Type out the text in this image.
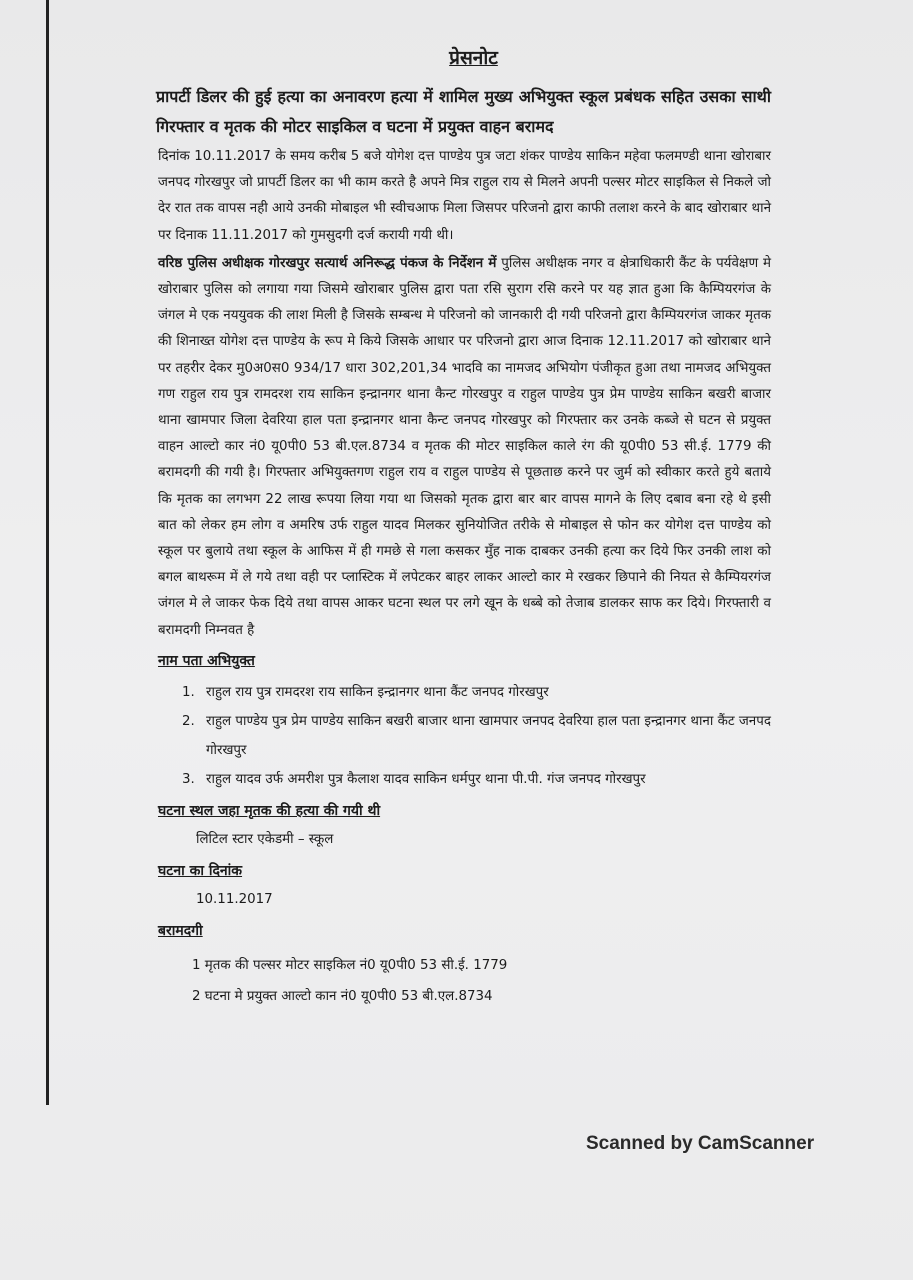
प्रेसनोट

प्रापर्टी डिलर की हुई हत्या का अनावरण हत्या में शामिल मुख्य अभियुक्त स्कूल प्रबंधक सहित उसका साथी गिरफ्तार व मृतक की मोटर साइकिल व घटना में प्रयुक्त वाहन बरामद

दिनांक 10.11.2017 के समय करीब 5 बजे योगेश दत्त पाण्डेय पुत्र जटा शंकर पाण्डेय साकिन महेवा फलमण्डी थाना खोराबार जनपद गोरखपुर जो प्रापर्टी डिलर का भी काम करते है अपने मित्र राहुल राय से मिलने अपनी पल्सर मोटर साइकिल से निकले जो देर रात तक वापस नही आये उनकी मोबाइल भी स्वीचआफ मिला जिसपर परिजनो द्वारा काफी तलाश करने के बाद खोराबार थाने पर दिनाक 11.11.2017 को गुमसुदगी दर्ज करायी गयी थी।

वरिष्ठ पुलिस अधीक्षक गोरखपुर सत्यार्थ अनिरूद्ध पंकज के निर्देशन में पुलिस अधीक्षक नगर व क्षेत्राधिकारी कैंट के पर्यवेक्षण मे खोराबार पुलिस को लगाया गया जिसमे खोराबार पुलिस द्वारा पता रसि सुराग रसि करने पर यह ज्ञात हुआ कि कैम्पियरगंज के जंगल मे एक नययुवक की लाश मिली है जिसके सम्बन्ध मे परिजनो को जानकारी दी गयी परिजनो द्वारा कैम्पियरगंज जाकर मृतक की शिनाख्त योगेश दत्त पाण्डेय के रूप मे किये जिसके आधार पर परिजनो द्वारा आज दिनाक 12.11.2017 को खोराबार थाने पर तहरीर देकर मु0अ0स0 934/17 धारा 302,201,34 भादवि का नामजद अभियोग पंजीकृत हुआ तथा नामजद अभियुक्त गण राहुल राय पुत्र रामदरश राय साकिन इन्द्रानगर थाना कैन्ट गोरखपुर व राहुल पाण्डेय पुत्र प्रेम पाण्डेय साकिन बखरी बाजार थाना खामपार जिला देवरिया हाल पता इन्द्रानगर थाना कैन्ट जनपद गोरखपुर को गिरफ्तार कर उनके कब्जे से घटन से प्रयुक्त वाहन आल्टो कार नं0 यू0पी0 53 बी.एल.8734 व मृतक की मोटर साइकिल काले रंग की यू0पी0 53 सी.ई. 1779 की बरामदगी की गयी है। गिरफ्तार अभियुक्तगण राहुल राय व राहुल पाण्डेय से पूछताछ करने पर जुर्म को स्वीकार करते हुये बताये कि मृतक का लगभग 22 लाख रूपया लिया गया था जिसको मृतक द्वारा बार बार वापस मागने के लिए दबाव बना रहे थे इसी बात को लेकर हम लोग व अमरिष उर्फ राहुल यादव मिलकर सुनियोजित तरीके से मोबाइल से फोन कर योगेश दत्त पाण्डेय को स्कूल पर बुलाये तथा स्कूल के आफिस में ही गमछे से गला कसकर मुँह नाक दाबकर उनकी हत्या कर दिये फिर उनकी लाश को बगल बाथरूम में ले गये तथा वही पर प्लास्टिक में लपेटकर बाहर लाकर आल्टो कार मे रखकर छिपाने की नियत से कैम्पियरगंज जंगल मे ले जाकर फेक दिये तथा वापस आकर घटना स्थल पर लगे खून के धब्बे को तेजाब डालकर साफ कर दिये। गिरफ्तारी व बरामदगी निम्नवत है

नाम पता अभियुक्त
1. राहुल राय पुत्र रामदरश राय साकिन इन्द्रानगर थाना कैंट जनपद गोरखपुर
2. राहुल पाण्डेय पुत्र प्रेम पाण्डेय साकिन बखरी बाजार थाना खामपार जनपद देवरिया हाल पता इन्द्रानगर थाना कैंट जनपद गोरखपुर
3. राहुल यादव उर्फ अमरीश पुत्र कैलाश यादव साकिन धर्मपुर थाना पी.पी. गंज जनपद गोरखपुर
घटना स्थल जहा मृतक की हत्या की गयी थी
लिटिल स्टार एकेडमी – स्कूल
घटना का दिनांक
10.11.2017
बरामदगी
1 मृतक की पल्सर मोटर साइकिल नं0 यू0पी0 53 सी.ई. 1779
2 घटना मे प्रयुक्त आल्टो कान नं0 यू0पी0 53 बी.एल.8734
Scanned by CamScanner
